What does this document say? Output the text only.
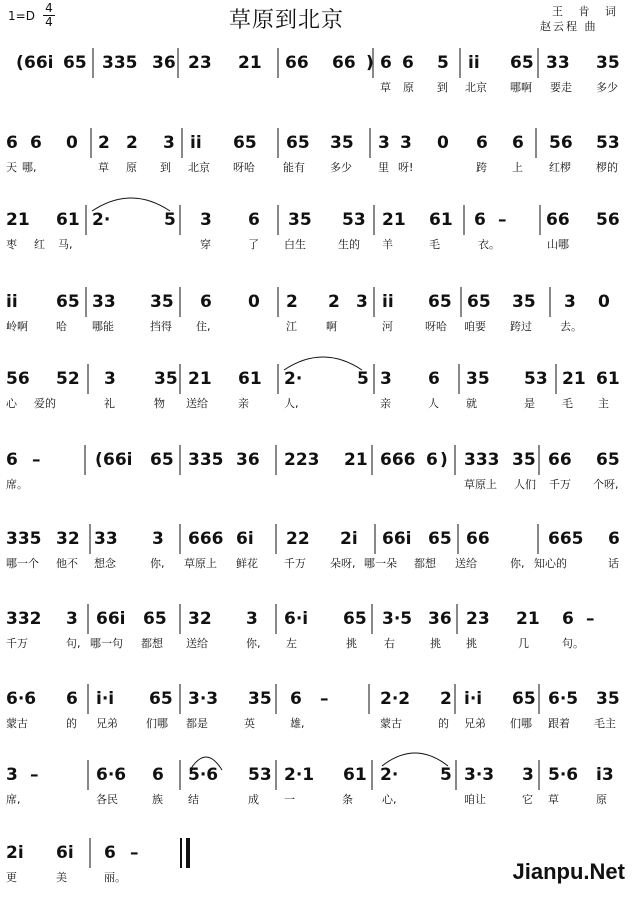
1=D
4
4	草原到北京	王 肯 词
赵云程 曲
( 66i 65 335 36 23 21 66 66 ) 6 6 5 ii 65 33 35
草 原 到 北京 哪啊 要走 多少
6 6 0 2 2 3 ii 65 65 35 3 3 0 6 6 56 53
天 哪,	草 原 到 北京 呀哈	能有 多少 里 呀!	跨 上 红椤 椤的
21 61 2·	5 3 6 35 53 21 61 6 – 66 56
枣 红 马,	穿	了 白生	生的 羊	毛	衣。	山哪
ii 65 33 35 6 0 2 2 3 ii 65 65 35 3 0
岭啊	哈 哪能	挡得 住,	江	啊	河	呀哈 咱要 跨过	去。
56 52 3 35 21 61 2·	5 3 6 35 53 21 61
心 爱的	礼	物 送给	亲	人,	亲	人 就	是 毛 主
6 –	( 66i 65 335 36 223 21 666 6 ) 333 35 66 65
席。	草原上 人们 千万 个呀,
335 32 33 3 666 6i 22 2i 66i 65 66	665 6
哪一个 他不 想念	你, 草原上 鲜花 千万 朵呀, 哪一朵 都想 送给	你, 知心的	话
332 3 66i 65 32 3 6·i 65 3·5 36 23 21 6 –
千万	句, 哪一句 都想 送给	你, 左	挑 右	挑 挑	几	句。
6·6 6 i·i 65 3·3 35 6 –	2·2 2 i·i 65 6·5 35
蒙古	的 兄弟	们哪 都是	英	雄,	蒙古	的 兄弟 们哪 跟着 毛主
3 –	6·6 6 5·6 53 2·1 61 2· 5 3·3 3 5·6 i3
席,	各民	族 结	成 一	条	心,	咱让	它 草	原
2i 6i 6 –
更	美	丽。	Jianpu.Net
